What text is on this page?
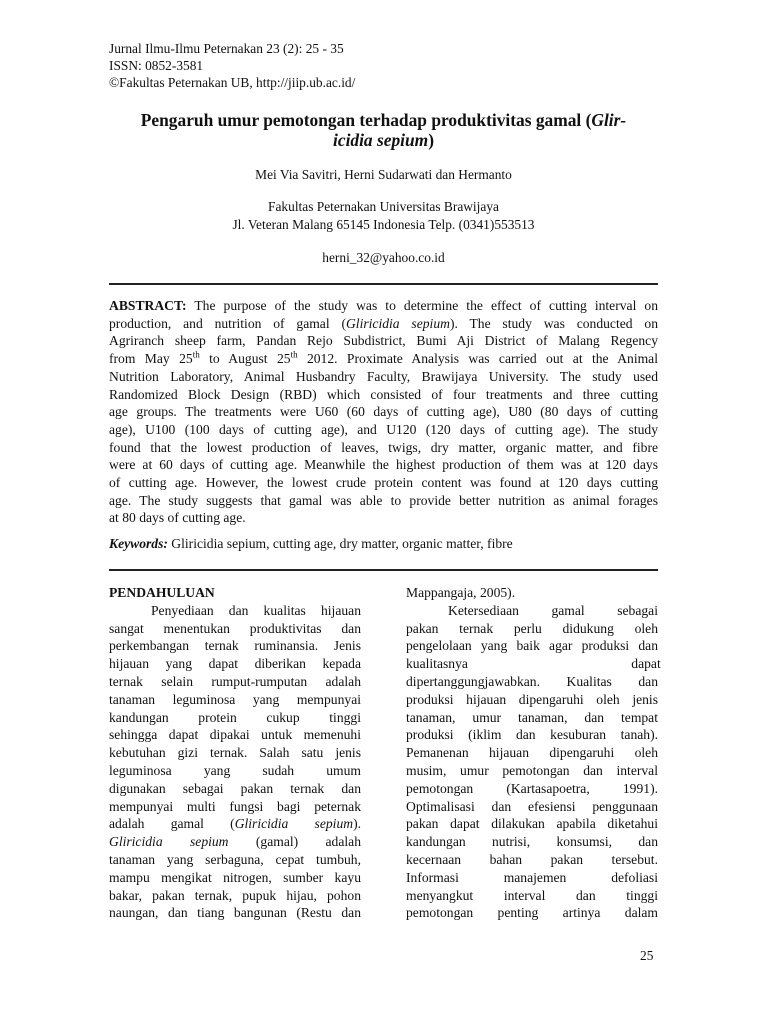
Jurnal Ilmu-Ilmu Peternakan 23 (2): 25 - 35
ISSN: 0852-3581
©Fakultas Peternakan UB, http://jiip.ub.ac.id/
Pengaruh umur pemotongan terhadap produktivitas gamal (Glir-
icidia sepium)
Mei Via Savitri, Herni Sudarwati dan Hermanto
Fakultas Peternakan Universitas Brawijaya
Jl. Veteran Malang 65145 Indonesia Telp. (0341)553513
herni_32@yahoo.co.id
ABSTRACT: The purpose of the study was to determine the effect of cutting interval on
production, and nutrition of gamal (Gliricidia sepium). The study was conducted on
Agriranch sheep farm, Pandan Rejo Subdistrict, Bumi Aji District of Malang Regency
from May 25th to August 25th 2012. Proximate Analysis was carried out at the Animal
Nutrition Laboratory, Animal Husbandry Faculty, Brawijaya University. The study used
Randomized Block Design (RBD) which consisted of four treatments and three cutting
age groups. The treatments were U60 (60 days of cutting age), U80 (80 days of cutting
age), U100 (100 days of cutting age), and U120 (120 days of cutting age). The study
found that the lowest production of leaves, twigs, dry matter, organic matter, and fibre
were at 60 days of cutting age. Meanwhile the highest production of them was at 120 days
of cutting age. However, the lowest crude protein content was found at 120 days cutting
age. The study suggests that gamal was able to provide better nutrition as animal forages
at 80 days of cutting age.
Keywords: Gliricidia sepium, cutting age, dry matter, organic matter, fibre
PENDAHULUAN
Penyediaan dan kualitas hijauan
sangat menentukan produktivitas dan
perkembangan ternak ruminansia. Jenis
hijauan yang dapat diberikan kepada
ternak selain rumput-rumputan adalah
tanaman leguminosa yang mempunyai
kandungan protein cukup tinggi
sehingga dapat dipakai untuk memenuhi
kebutuhan gizi ternak. Salah satu jenis
leguminosa yang sudah umum
digunakan sebagai pakan ternak dan
mempunyai multi fungsi bagi peternak
adalah gamal (Gliricidia sepium).
Gliricidia sepium (gamal) adalah
tanaman yang serbaguna, cepat tumbuh,
mampu mengikat nitrogen, sumber kayu
bakar, pakan ternak, pupuk hijau, pohon
naungan, dan tiang bangunan (Restu dan
Mappangaja, 2005).
Ketersediaan gamal sebagai
pakan ternak perlu didukung oleh
pengelolaan yang baik agar produksi dan
kualitasnya dapat
dipertanggungjawabkan. Kualitas dan
produksi hijauan dipengaruhi oleh jenis
tanaman, umur tanaman, dan tempat
produksi (iklim dan kesuburan tanah).
Pemanenan hijauan dipengaruhi oleh
musim, umur pemotongan dan interval
pemotongan (Kartasapoetra, 1991).
Optimalisasi dan efesiensi penggunaan
pakan dapat dilakukan apabila diketahui
kandungan nutrisi, konsumsi, dan
kecernaan bahan pakan tersebut.
Informasi manajemen defoliasi
menyangkut interval dan tinggi
pemotongan penting artinya dalam
25
